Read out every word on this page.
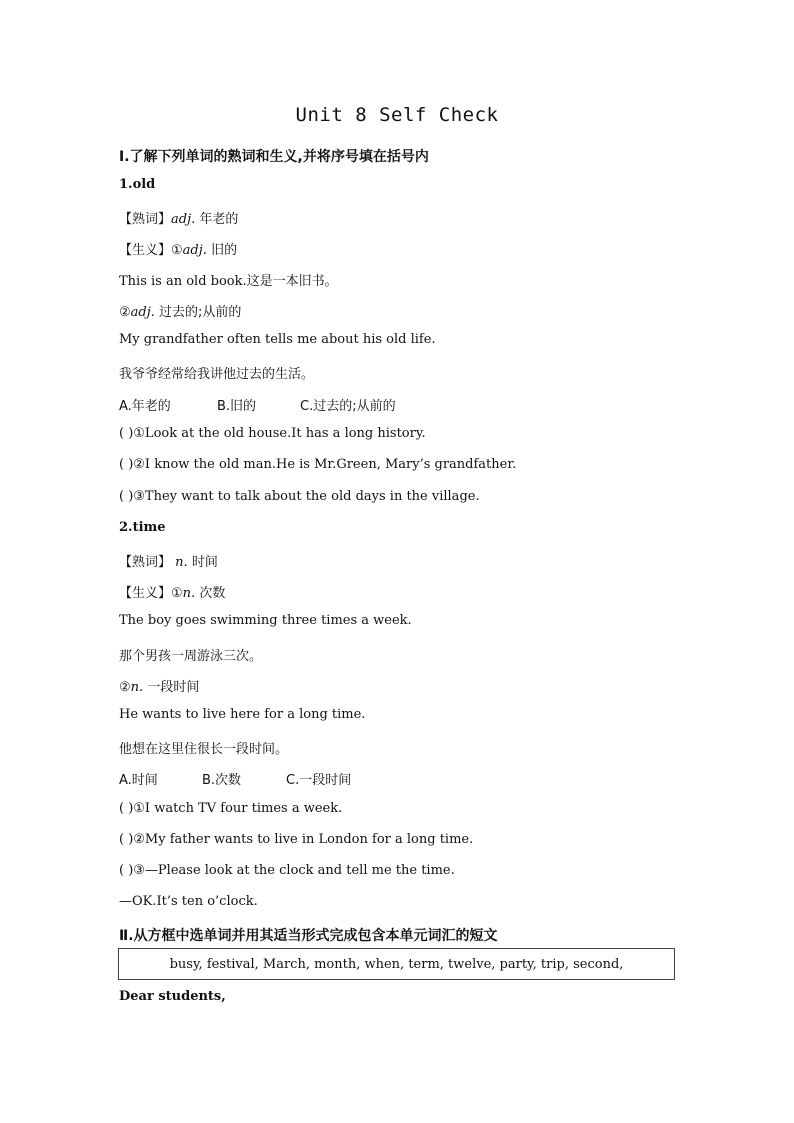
Unit 8 Self Check
Ⅰ.了解下列单词的熟词和生义,并将序号填在括号内
1.old
【熟词】adj. 年老的
【生义】①adj. 旧的
This is an old book.这是一本旧书。
②adj. 过去的;从前的
My grandfather often tells me about his old life.
我爷爷经常给我讲他过去的生活。
A.年老的	B.旧的	C.过去的;从前的
( )①Look at the old house.It has a long history.
( )②I know the old man.He is Mr.Green, Mary’s grandfather.
( )③They want to talk about the old days in the village.
2.time
【熟词】 n. 时间
【生义】①n. 次数
The boy goes swimming three times a week.
那个男孩一周游泳三次。
②n. 一段时间
He wants to live here for a long time.
他想在这里住很长一段时间。
A.时间	B.次数	C.一段时间
( )①I watch TV four times a week.
( )②My father wants to live in London for a long time.
( )③—Please look at the clock and tell me the time.
—OK.It’s ten o’clock.
Ⅱ.从方框中选单词并用其适当形式完成包含本单元词汇的短文
busy, festival, March, month, when, term, twelve, party, trip, second,
Dear students,
